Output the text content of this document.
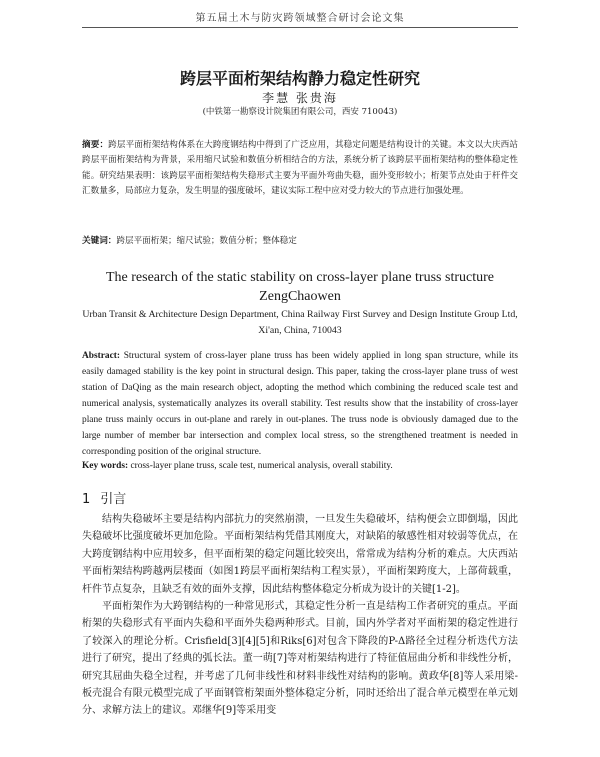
第五届土木与防灾跨领域整合研讨会论文集
跨层平面桁架结构静力稳定性研究
李慧 张贵海
(中铁第一勘察设计院集团有限公司，西安 710043)
摘要：跨层平面桁架结构体系在大跨度钢结构中得到了广泛应用，其稳定问题是结构设计的关键。本文以大庆西站跨层平面桁架结构为背景，采用缩尺试验和数值分析相结合的方法，系统分析了该跨层平面桁架结构的整体稳定性能。研究结果表明：该跨层平面桁架结构失稳形式主要为平面外弯曲失稳，面外变形较小；桁架节点处由于杆件交汇数量多，局部应力复杂，发生明显的强度破坏，建议实际工程中应对受力较大的节点进行加强处理。
关键词：跨层平面桁架；缩尺试验；数值分析；整体稳定
The research of the static stability on cross-layer plane truss structure
ZengChaowen
Urban Transit & Architecture Design Department, China Railway First Survey and Design Institute Group Ltd,
Xi'an, China, 710043
Abstract: Structural system of cross-layer plane truss has been widely applied in long span structure, while its easily damaged stability is the key point in structural design. This paper, taking the cross-layer plane truss of west station of DaQing as the main research object, adopting the method which combining the reduced scale test and numerical analysis, systematically analyzes its overall stability. Test results show that the instability of cross-layer plane truss mainly occurs in out-plane and rarely in out-planes. The truss node is obviously damaged due to the large number of member bar intersection and complex local stress, so the strengthened treatment is needed in corresponding position of the original structure.
Key words: cross-layer plane truss, scale test, numerical analysis, overall stability.
1 引言

结构失稳破坏主要是结构内部抗力的突然崩溃，一旦发生失稳破坏，结构便会立即倒塌，因此失稳破坏比强度破坏更加危险。平面桁架结构凭借其刚度大，对缺陷的敏感性相对较弱等优点，在大跨度钢结构中应用较多，但平面桁架的稳定问题比较突出，常常成为结构分析的难点。大庆西站平面桁架结构跨越两层楼面（如图1跨层平面桁架结构工程实景），平面桁架跨度大，上部荷载重，杆件节点复杂，且缺乏有效的面外支撑，因此结构整体稳定分析成为设计的关键[1-2]。

平面桁架作为大跨钢结构的一种常见形式，其稳定性分析一直是结构工作者研究的重点。平面桁架的失稳形式有平面内失稳和平面外失稳两种形式。目前，国内外学者对平面桁架的稳定性进行了较深入的理论分析。Crisfield[3][4][5]和Riks[6]对包含下降段的P-Δ路径全过程分析迭代方法进行了研究，提出了经典的弧长法。董一萌[7]等对桁架结构进行了特征值屈曲分析和非线性分析，研究其屈曲失稳全过程，并考虑了几何非线性和材料非线性对结构的影响。黄政华[8]等人采用梁-板壳混合有限元模型完成了平面钢管桁架面外整体稳定分析，同时还给出了混合单元模型在单元划分、求解方法上的建议。邓继华[9]等采用变
